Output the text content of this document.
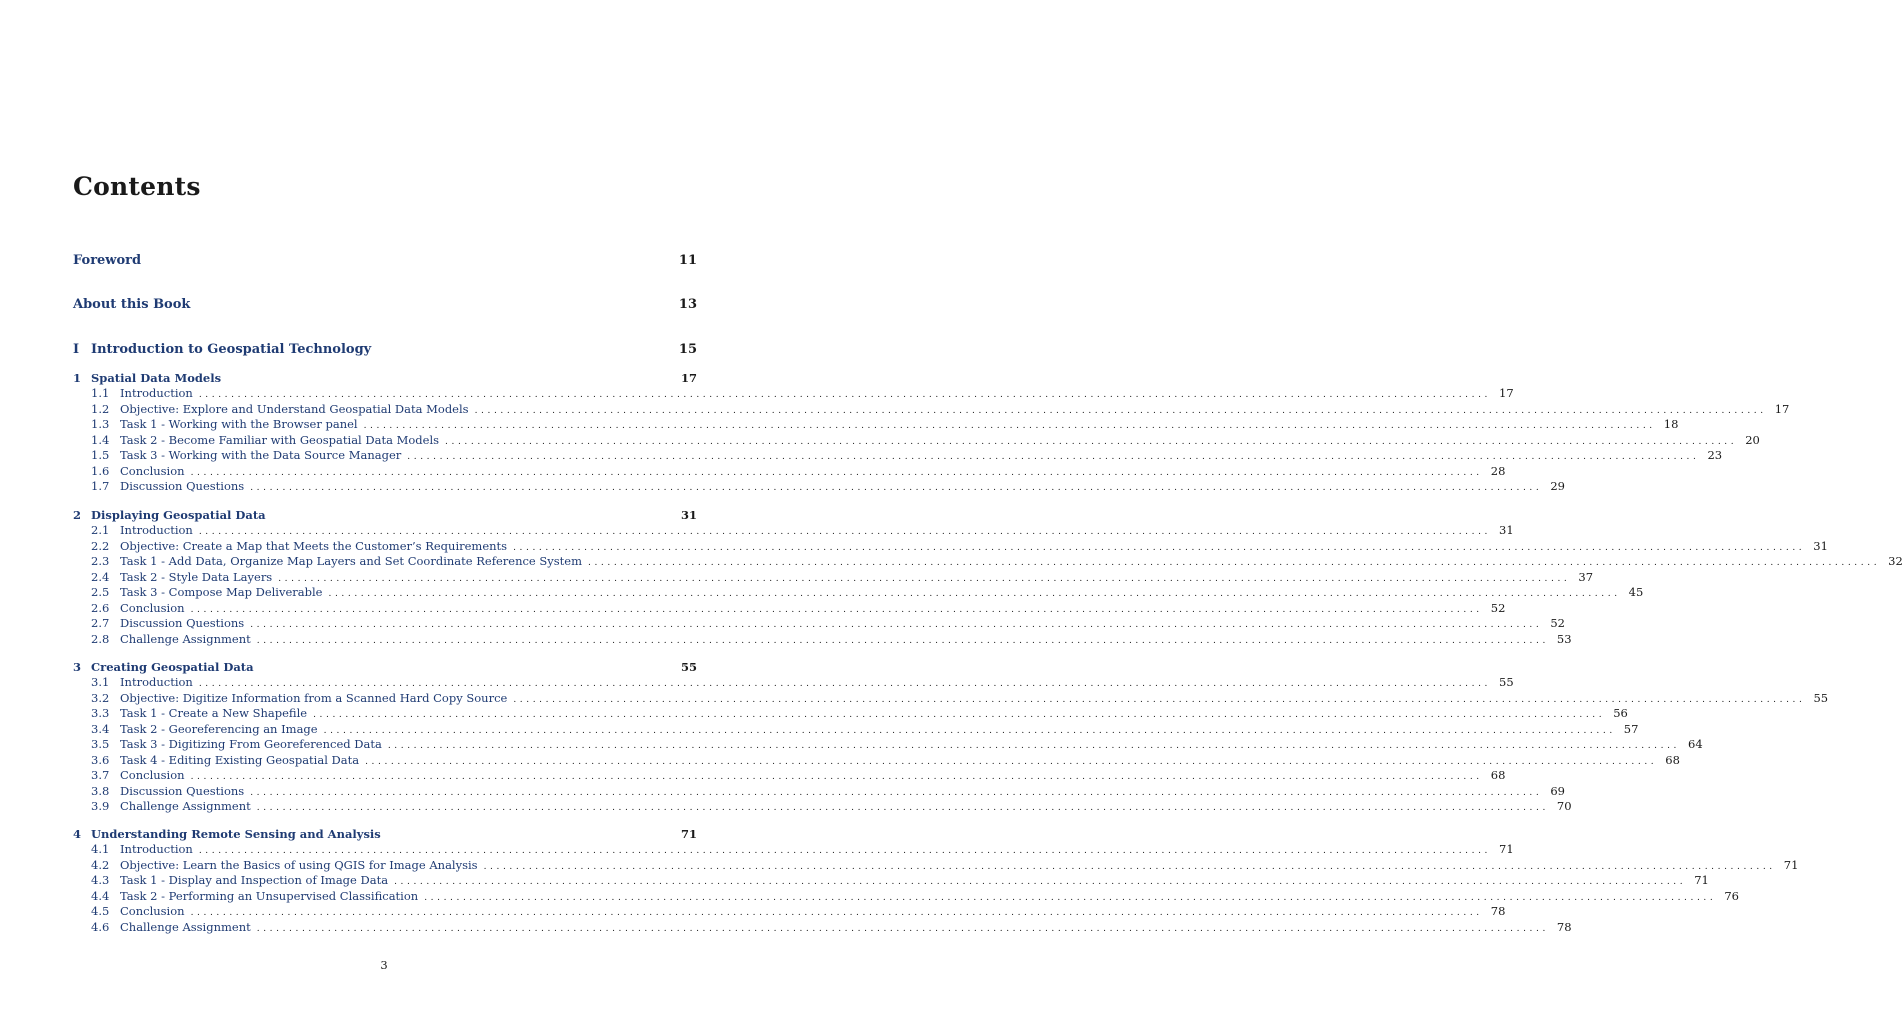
Contents
Foreword	11
About this Book	13
I Introduction to Geospatial Technology	15
1 Spatial Data Models	17
1.1 Introduction ........................................................................................................................................................................................................ 17
1.2 Objective: Explore and Understand Geospatial Data Models ........................................................................................................................................................................................................ 17
1.3 Task 1 - Working with the Browser panel ........................................................................................................................................................................................................ 18
1.4 Task 2 - Become Familiar with Geospatial Data Models ........................................................................................................................................................................................................ 20
1.5 Task 3 - Working with the Data Source Manager ........................................................................................................................................................................................................ 23
1.6 Conclusion ........................................................................................................................................................................................................ 28
1.7 Discussion Questions ........................................................................................................................................................................................................ 29
2 Displaying Geospatial Data	31
2.1 Introduction ........................................................................................................................................................................................................ 31
2.2 Objective: Create a Map that Meets the Customer’s Requirements ........................................................................................................................................................................................................ 31
2.3 Task 1 - Add Data, Organize Map Layers and Set Coordinate Reference System ........................................................................................................................................................................................................ 32
2.4 Task 2 - Style Data Layers ........................................................................................................................................................................................................ 37
2.5 Task 3 - Compose Map Deliverable ........................................................................................................................................................................................................ 45
2.6 Conclusion ........................................................................................................................................................................................................ 52
2.7 Discussion Questions ........................................................................................................................................................................................................ 52
2.8 Challenge Assignment ........................................................................................................................................................................................................ 53
3 Creating Geospatial Data	55
3.1 Introduction ........................................................................................................................................................................................................ 55
3.2 Objective: Digitize Information from a Scanned Hard Copy Source ........................................................................................................................................................................................................ 55
3.3 Task 1 - Create a New Shapefile ........................................................................................................................................................................................................ 56
3.4 Task 2 - Georeferencing an Image ........................................................................................................................................................................................................ 57
3.5 Task 3 - Digitizing From Georeferenced Data ........................................................................................................................................................................................................ 64
3.6 Task 4 - Editing Existing Geospatial Data ........................................................................................................................................................................................................ 68
3.7 Conclusion ........................................................................................................................................................................................................ 68
3.8 Discussion Questions ........................................................................................................................................................................................................ 69
3.9 Challenge Assignment ........................................................................................................................................................................................................ 70
4 Understanding Remote Sensing and Analysis	71
4.1 Introduction ........................................................................................................................................................................................................ 71
4.2 Objective: Learn the Basics of using QGIS for Image Analysis ........................................................................................................................................................................................................ 71
4.3 Task 1 - Display and Inspection of Image Data ........................................................................................................................................................................................................ 71
4.4 Task 2 - Performing an Unsupervised Classification ........................................................................................................................................................................................................ 76
4.5 Conclusion ........................................................................................................................................................................................................ 78
4.6 Challenge Assignment ........................................................................................................................................................................................................ 78
3
